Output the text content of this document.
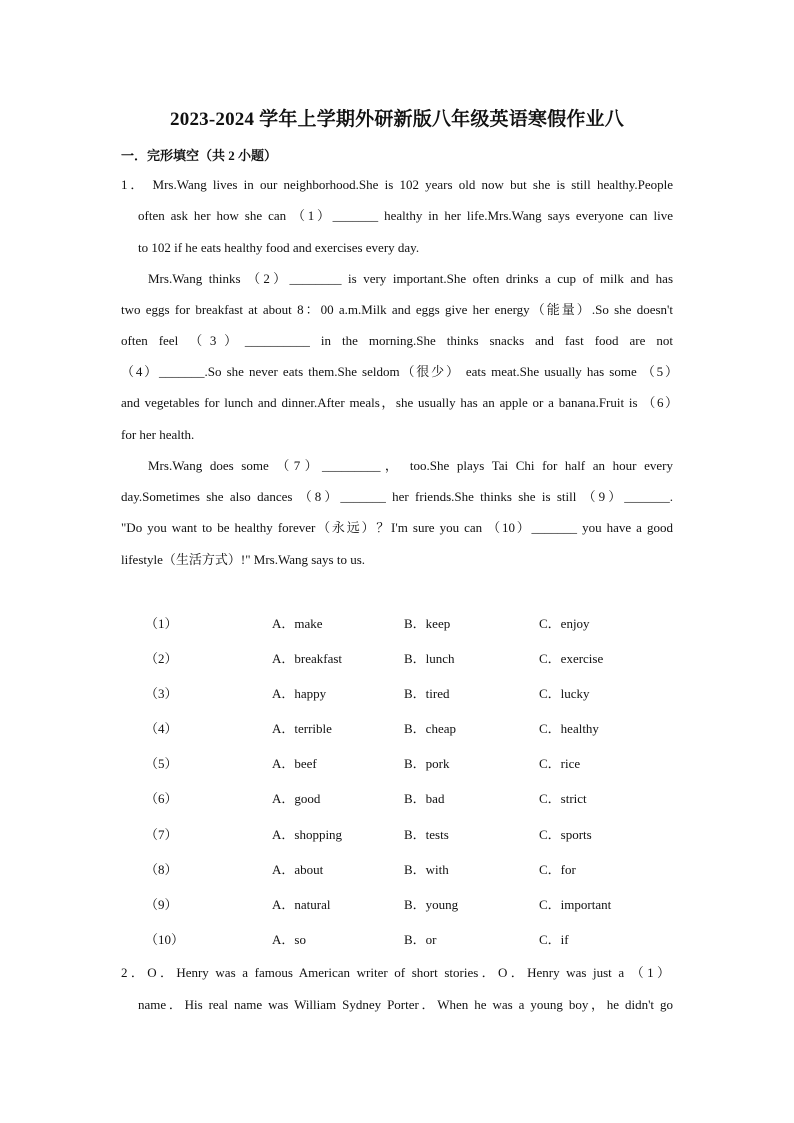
2023-2024 学年上学期外研新版八年级英语寒假作业八
一．完形填空（共 2 小题）
1． Mrs.Wang lives in our neighborhood.She is 102 years old now but she is still healthy.People
often ask her how she can （1）_______ healthy in her life.Mrs.Wang says everyone can live
to 102 if he eats healthy food and exercises every day.
Mrs.Wang thinks （2）________ is very important.She often drinks a cup of milk and has
two eggs for breakfast at about 8：00 a.m.Milk and eggs give her energy（能量）.So she doesn't
often feel （3）__________ in the morning.She thinks snacks and fast food are not
（4）_______.So she never eats them.She seldom（很少） eats meat.She usually has some （5）
and vegetables for lunch and dinner.After meals，she usually has an apple or a banana.Fruit is （6）
for her health.
Mrs.Wang does some （7）_________， too.She plays Tai Chi for half an hour every
day.Sometimes she also dances （8）_______ her friends.She thinks she is still （9）_______.
"Do you want to be healthy forever（永远）？I'm sure you can （10）_______ you have a good
lifestyle（生活方式）!" Mrs.Wang says to us.
（1）	A．make	B．keep	C．enjoy
（2）	A．breakfast	B．lunch	C．exercise
（3）	A．happy	B．tired	C．lucky
（4）	A．terrible	B．cheap	C．healthy
（5）	A．beef	B．pork	C．rice
（6）	A．good	B．bad	C．strict
（7）	A．shopping	B．tests	C．sports
（8）	A．about	B．with	C．for
（9）	A．natural	B．young	C．important
（10）	A．so	B．or	C．if
2．O．Henry was a famous American writer of short stories．O．Henry was just a （1）
name．His real name was William Sydney Porter．When he was a young boy，he didn't go
